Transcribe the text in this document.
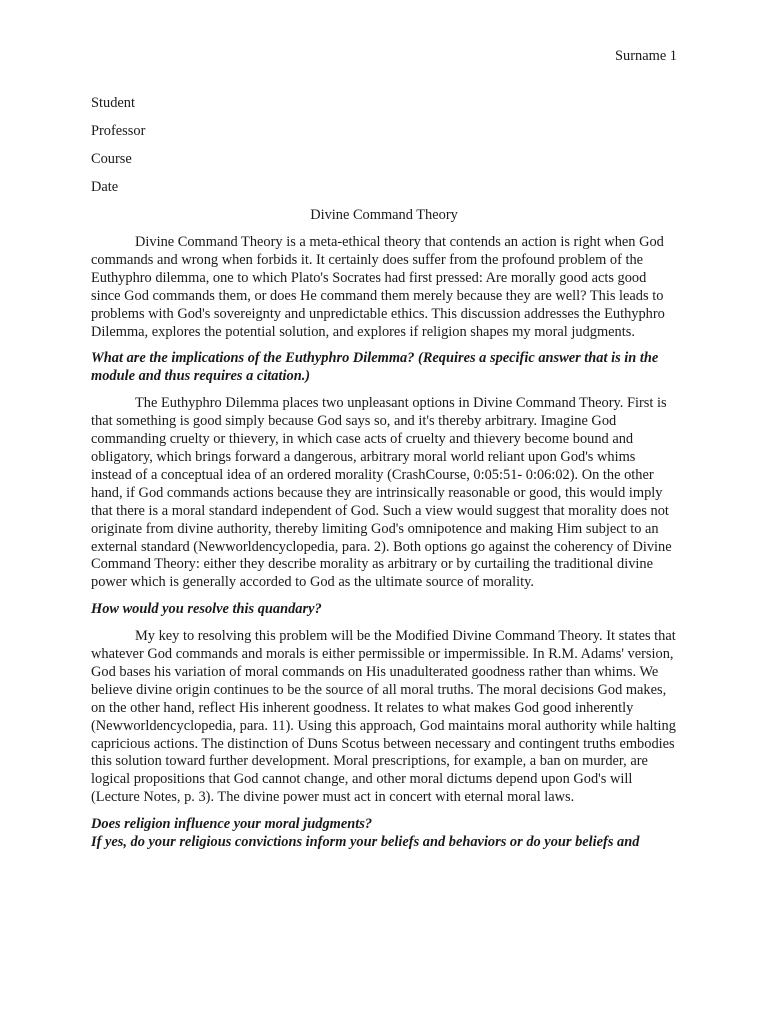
Surname 1
Student
Professor
Course
Date
Divine Command Theory

Divine Command Theory is a meta-ethical theory that contends an action is right when God commands and wrong when forbids it. It certainly does suffer from the profound problem of the Euthyphro dilemma, one to which Plato's Socrates had first pressed: Are morally good acts good since God commands them, or does He command them merely because they are well? This leads to problems with God's sovereignty and unpredictable ethics. This discussion addresses the Euthyphro Dilemma, explores the potential solution, and explores if religion shapes my moral judgments.

What are the implications of the Euthyphro Dilemma? (Requires a specific answer that is in the module and thus requires a citation.)

The Euthyphro Dilemma places two unpleasant options in Divine Command Theory. First is that something is good simply because God says so, and it's thereby arbitrary. Imagine God commanding cruelty or thievery, in which case acts of cruelty and thievery become bound and obligatory, which brings forward a dangerous, arbitrary moral world reliant upon God's whims instead of a conceptual idea of an ordered morality (CrashCourse, 0:05:51- 0:06:02). On the other hand, if God commands actions because they are intrinsically reasonable or good, this would imply that there is a moral standard independent of God. Such a view would suggest that morality does not originate from divine authority, thereby limiting God's omnipotence and making Him subject to an external standard (Newworldencyclopedia, para. 2). Both options go against the coherency of Divine Command Theory: either they describe morality as arbitrary or by curtailing the traditional divine power which is generally accorded to God as the ultimate source of morality.

How would you resolve this quandary?

My key to resolving this problem will be the Modified Divine Command Theory. It states that whatever God commands and morals is either permissible or impermissible. In R.M. Adams' version, God bases his variation of moral commands on His unadulterated goodness rather than whims. We believe divine origin continues to be the source of all moral truths. The moral decisions God makes, on the other hand, reflect His inherent goodness. It relates to what makes God good inherently (Newworldencyclopedia, para. 11). Using this approach, God maintains moral authority while halting capricious actions. The distinction of Duns Scotus between necessary and contingent truths embodies this solution toward further development. Moral prescriptions, for example, a ban on murder, are logical propositions that God cannot change, and other moral dictums depend upon God's will (Lecture Notes, p. 3). The divine power must act in concert with eternal moral laws.

Does religion influence your moral judgments?

If yes, do your religious convictions inform your beliefs and behaviors or do your beliefs and
